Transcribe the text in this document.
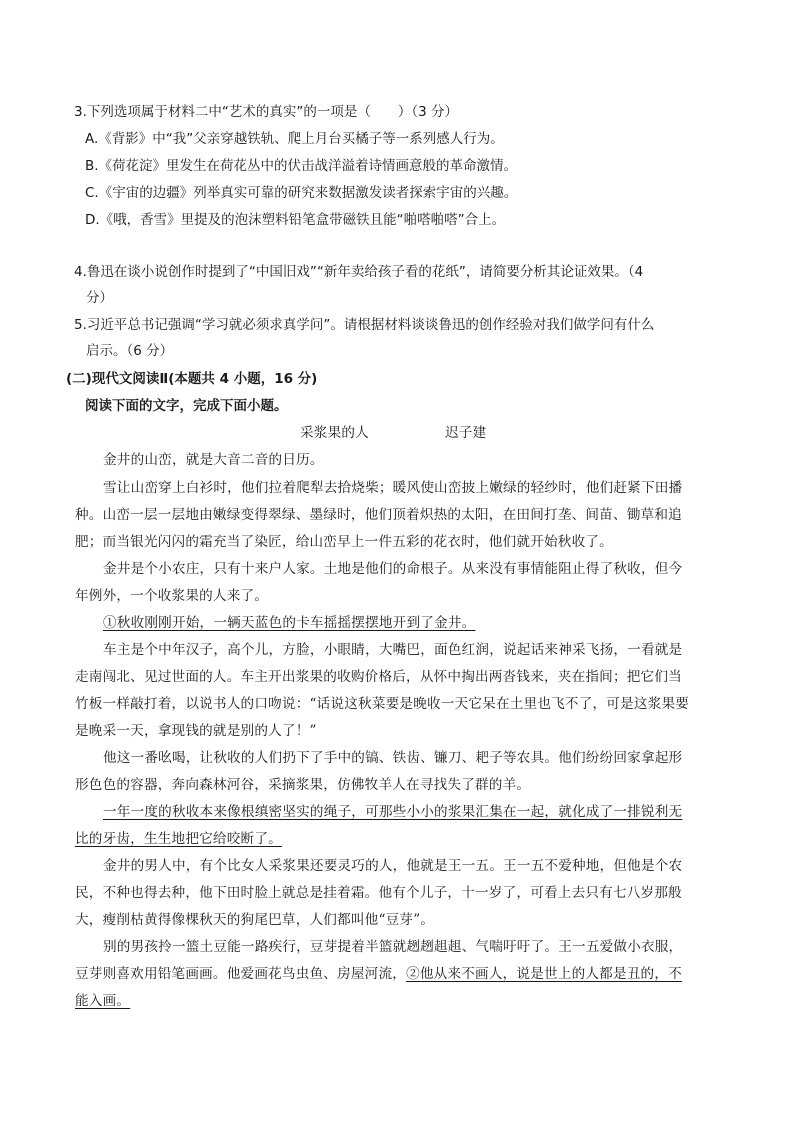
3.下列选项属于材料二中“艺术的真实”的一项是（　　）（3 分）
A.《背影》中“我”父亲穿越铁轨、爬上月台买橘子等一系列感人行为。
B.《荷花淀》里发生在荷花丛中的伏击战洋溢着诗情画意般的革命激情。
C.《宇宙的边疆》列举真实可靠的研究来数据激发读者探索宇宙的兴趣。
D.《哦，香雪》里提及的泡沫塑料铅笔盒带磁铁且能“啪嗒啪嗒”合上。
4.鲁迅在谈小说创作时提到了“中国旧戏”“新年卖给孩子看的花纸”，请简要分析其论证效果。（4
分）
5.习近平总书记强调“学习就必须求真学问”。请根据材料谈谈鲁迅的创作经验对我们做学问有什么
启示。（6 分）
(二)现代文阅读Ⅱ(本题共 4 小题，16 分)
阅读下面的文字，完成下面小题。
采浆果的人	迟子建
金井的山峦，就是大音二音的日历。
雪让山峦穿上白衫时，他们拉着爬犁去拾烧柴；暖风使山峦披上嫩绿的轻纱时，他们赶紧下田播
种。山峦一层一层地由嫩绿变得翠绿、墨绿时，他们顶着炽热的太阳，在田间打垄、间苗、锄草和追
肥；而当银光闪闪的霜充当了染匠，给山峦早上一件五彩的花衣时，他们就开始秋收了。
金井是个小农庄，只有十来户人家。土地是他们的命根子。从来没有事情能阻止得了秋收，但今
年例外，一个收浆果的人来了。
①秋收刚刚开始，一辆天蓝色的卡车摇摇摆摆地开到了金井。
车主是个中年汉子，高个儿，方脸，小眼睛，大嘴巴，面色红润，说起话来神采飞扬，一看就是
走南闯北、见过世面的人。车主开出浆果的收购价格后，从怀中掏出两沓钱来，夹在指间；把它们当
竹板一样敲打着，以说书人的口吻说：“话说这秋菜要是晚收一天它呆在土里也飞不了，可是这浆果要
是晚采一天，拿现钱的就是别的人了！”
他这一番吆喝，让秋收的人们扔下了手中的镐、铁齿、镰刀、耙子等农具。他们纷纷回家拿起形
形色色的容器，奔向森林河谷，采摘浆果，仿佛牧羊人在寻找失了群的羊。
一年一度的秋收本来像根缜密坚实的绳子，可那些小小的浆果汇集在一起，就化成了一排锐利无
比的牙齿，生生地把它给咬断了。
金井的男人中，有个比女人采浆果还要灵巧的人，他就是王一五。王一五不爱种地，但他是个农
民，不种也得去种，他下田时脸上就总是挂着霜。他有个儿子，十一岁了，可看上去只有七八岁那般
大，瘦削枯黄得像棵秋天的狗尾巴草，人们都叫他“豆芽”。
别的男孩拎一篮土豆能一路疾行，豆芽提着半篮就趔趔趄趄、气喘吁吁了。王一五爱做小衣服，
豆芽则喜欢用铅笔画画。他爱画花鸟虫鱼、房屋河流，②他从来不画人，说是世上的人都是丑的，不
能入画。
